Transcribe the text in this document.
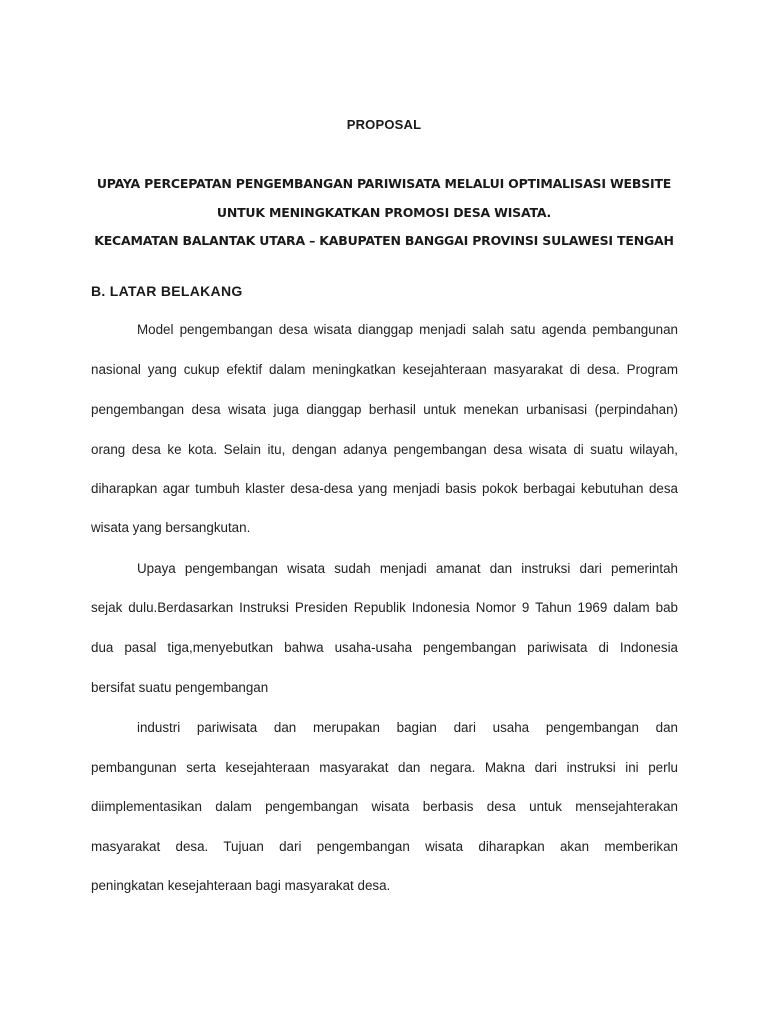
PROPOSAL
UPAYA PERCEPATAN PENGEMBANGAN PARIWISATA MELALUI OPTIMALISASI WEBSITE
UNTUK MENINGKATKAN PROMOSI DESA WISATA.
KECAMATAN BALANTAK UTARA – KABUPATEN BANGGAI PROVINSI SULAWESI TENGAH
B. LATAR BELAKANG
Model pengembangan desa wisata dianggap menjadi salah satu agenda pembangunan
nasional yang cukup efektif dalam meningkatkan kesejahteraan masyarakat di desa. Program
pengembangan desa wisata juga dianggap berhasil untuk menekan urbanisasi (perpindahan)
orang desa ke kota. Selain itu, dengan adanya pengembangan desa wisata di suatu wilayah,
diharapkan agar tumbuh klaster desa-desa yang menjadi basis pokok berbagai kebutuhan desa
wisata yang bersangkutan.
Upaya pengembangan wisata sudah menjadi amanat dan instruksi dari pemerintah
sejak dulu.Berdasarkan Instruksi Presiden Republik Indonesia Nomor 9 Tahun 1969 dalam bab
dua pasal tiga,menyebutkan bahwa usaha-usaha pengembangan pariwisata di Indonesia
bersifat suatu pengembangan
industri pariwisata dan merupakan bagian dari usaha pengembangan dan
pembangunan serta kesejahteraan masyarakat dan negara. Makna dari instruksi ini perlu
diimplementasikan dalam pengembangan wisata berbasis desa untuk mensejahterakan
masyarakat desa. Tujuan dari pengembangan wisata diharapkan akan memberikan
peningkatan kesejahteraan bagi masyarakat desa.
